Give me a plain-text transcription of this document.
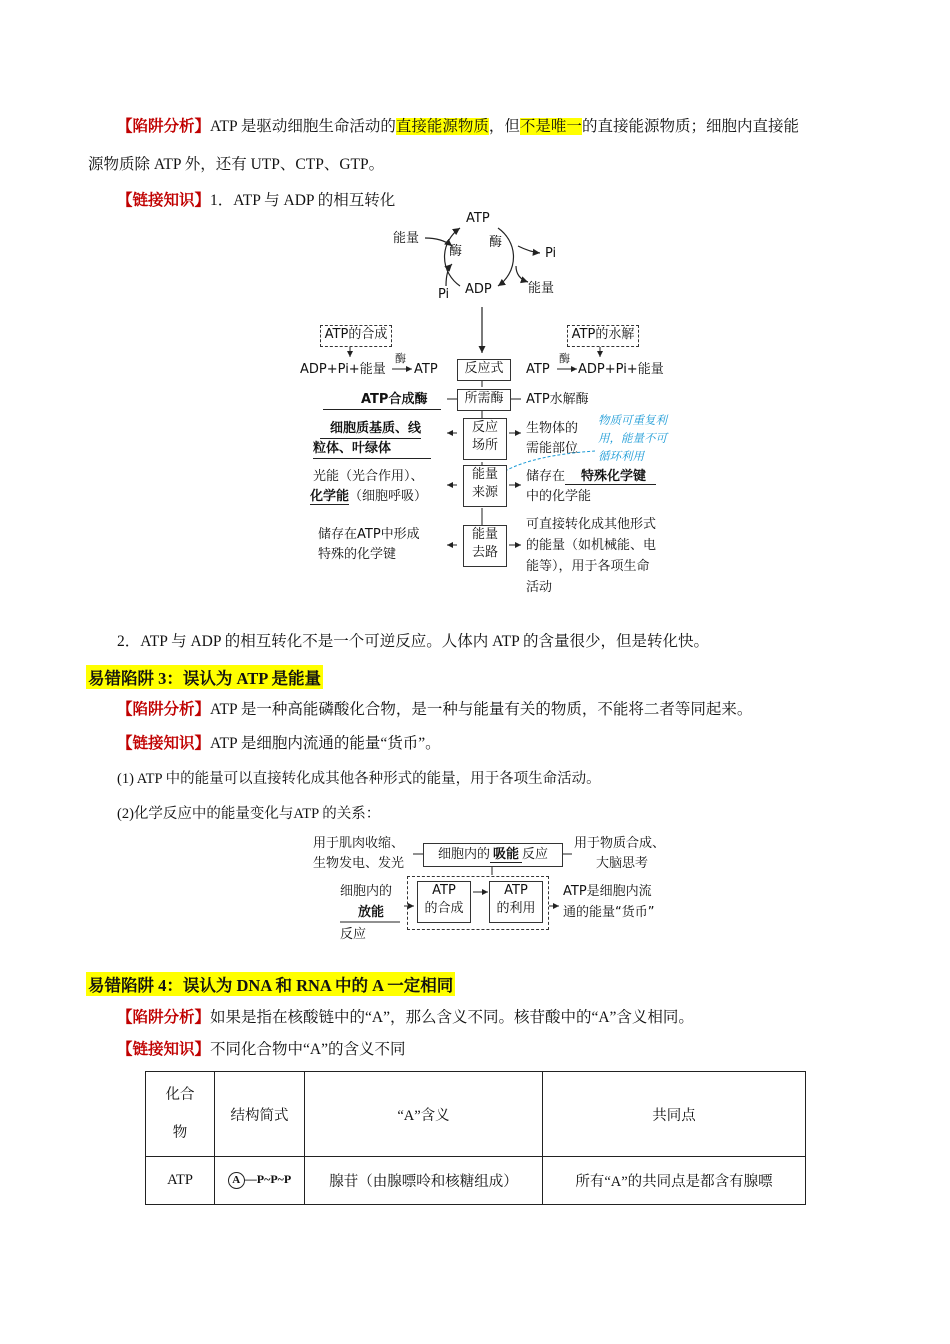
【陷阱分析】ATP 是驱动细胞生命活动的直接能源物质，但不是唯一的直接能源物质；细胞内直接能
源物质除 ATP 外，还有 UTP、CTP、GTP。
【链接知识】1．ATP 与 ADP 的相互转化
ATP
ADP
能量
Pi
Pi	能量
酶
酶
ATP的合成	ATP的水解
ADP+Pi+能量
酶
ATP	反应式	ATP
酶
ADP+Pi+能量
ATP合成酶	所需酶	ATP水解酶
细胞质基质、线
粒体、叶绿体
反应
场所
生物体的
需能部位
物质可重复利
用，能量不可
循环利用
光能（光合作用）、
化学能（细胞呼吸）
能量
来源
储存在 特殊化学键
中的化学能
储存在ATP中形成
特殊的化学键
能量
去路
可直接转化成其他形式
的能量（如机械能、电
能等），用于各项生命
活动
2．ATP 与 ADP 的相互转化不是一个可逆反应。人体内 ATP 的含量很少，但是转化快。
易错陷阱 3：误认为 ATP 是能量
【陷阱分析】ATP 是一种高能磷酸化合物，是一种与能量有关的物质，不能将二者等同起来。
【链接知识】ATP 是细胞内流通的能量“货币”。
(1) ATP 中的能量可以直接转化成其他各种形式的能量，用于各项生命活动。
(2)化学反应中的能量变化与ATP 的关系：
用于肌肉收缩、
生物发电、发光
细胞内的 吸能 反应
用于物质合成、
大脑思考
细胞内的
放能
反应
ATP
的合成
ATP
的利用
ATP是细胞内流
通的能量“货币”
易错陷阱 4：误认为 DNA 和 RNA 中的 A 一定相同
【陷阱分析】如果是指在核酸链中的“A”，那么含义不同。核苷酸中的“A”含义相同。
【链接知识】不同化合物中“A”的含义不同
化合
物	结构简式	“A”含义	共同点
ATP	A —P~P~P	腺苷（由腺嘌呤和核糖组成）	所有“A”的共同点是都含有腺嘌
